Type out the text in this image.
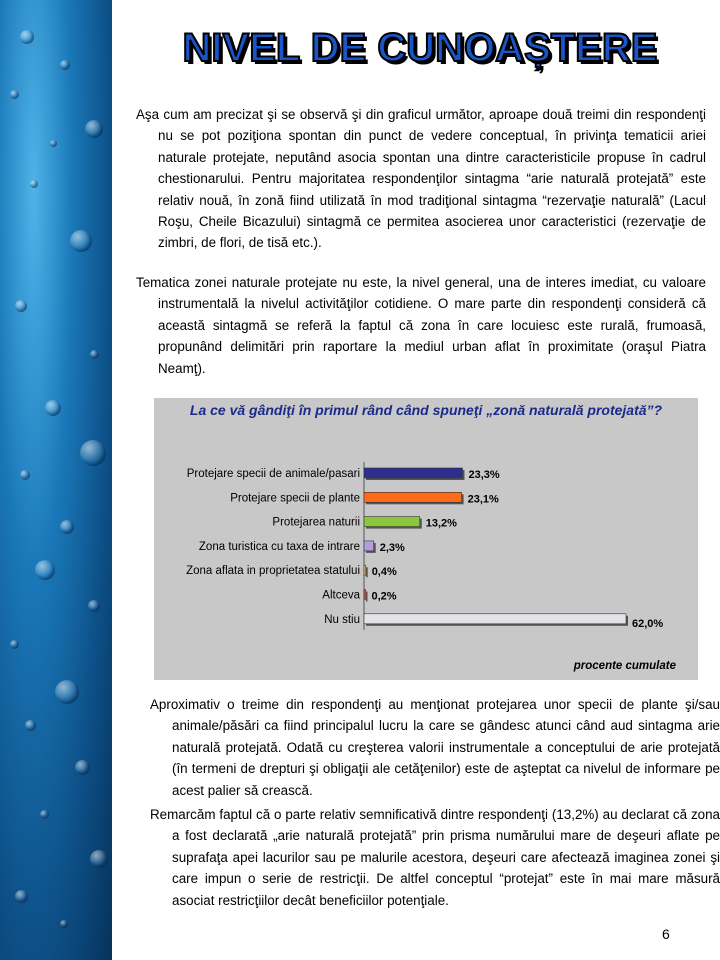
NIVEL DE CUNOAȘTERE

Aşa cum am precizat şi se observă şi din graficul următor, aproape două treimi din respondenţi nu se pot poziţiona spontan din punct de vedere conceptual, în privinţa tematicii ariei naturale protejate, neputând asocia spontan una dintre caracteristicile propuse în cadrul chestionarului. Pentru majoritatea respondenţilor sintagma “arie naturală protejată” este relativ nouă, în zonă fiind utilizată în mod tradiţional sintagma “rezervaţie naturală” (Lacul Roşu, Cheile Bicazului) sintagmă ce permitea asocierea unor caracteristici (rezervaţie de zimbri, de flori, de tisă etc.).

Tematica zonei naturale protejate nu este, la nivel general, una de interes imediat, cu valoare instrumentală la nivelul activităţilor cotidiene. O mare parte din respondenţi consideră că această sintagmă se referă la faptul că zona în care locuiesc este rurală, frumoasă, propunând delimitări prin raportare la mediul urban aflat în proximitate (oraşul Piatra Neamţ).

La ce vă gândiţi în primul rând când spuneţi „zonă naturală protejată”?
Protejare specii de animale/pasari	23,3%
Protejare specii de plante	23,1%
Protejarea naturii	13,2%
Zona turistica cu taxa de intrare 2,3%
Zona aflata in proprietatea statului 0,4%
Altceva 0,2%
Nu stiu	62,0%
procente cumulate

Aproximativ o treime din respondenţi au menţionat protejarea unor specii de plante şi/sau animale/păsări ca fiind principalul lucru la care se gândesc atunci când aud sintagma arie naturală protejată. Odată cu creşterea valorii instrumentale a conceptului de arie protejată (în termeni de drepturi şi obligaţii ale cetăţenilor) este de aşteptat ca nivelul de informare pe acest palier să crească.

Remarcăm faptul că o parte relativ semnificativă dintre respondenţi (13,2%) au declarat că zona a fost declarată „arie naturală protejată” prin prisma numărului mare de deşeuri aflate pe suprafaţa apei lacurilor sau pe malurile acestora, deşeuri care afectează imaginea zonei şi care impun o serie de restricţii. De altfel conceptul “protejat” este în mai mare măsură asociat restricţiilor decât beneficiilor potenţiale.

6
